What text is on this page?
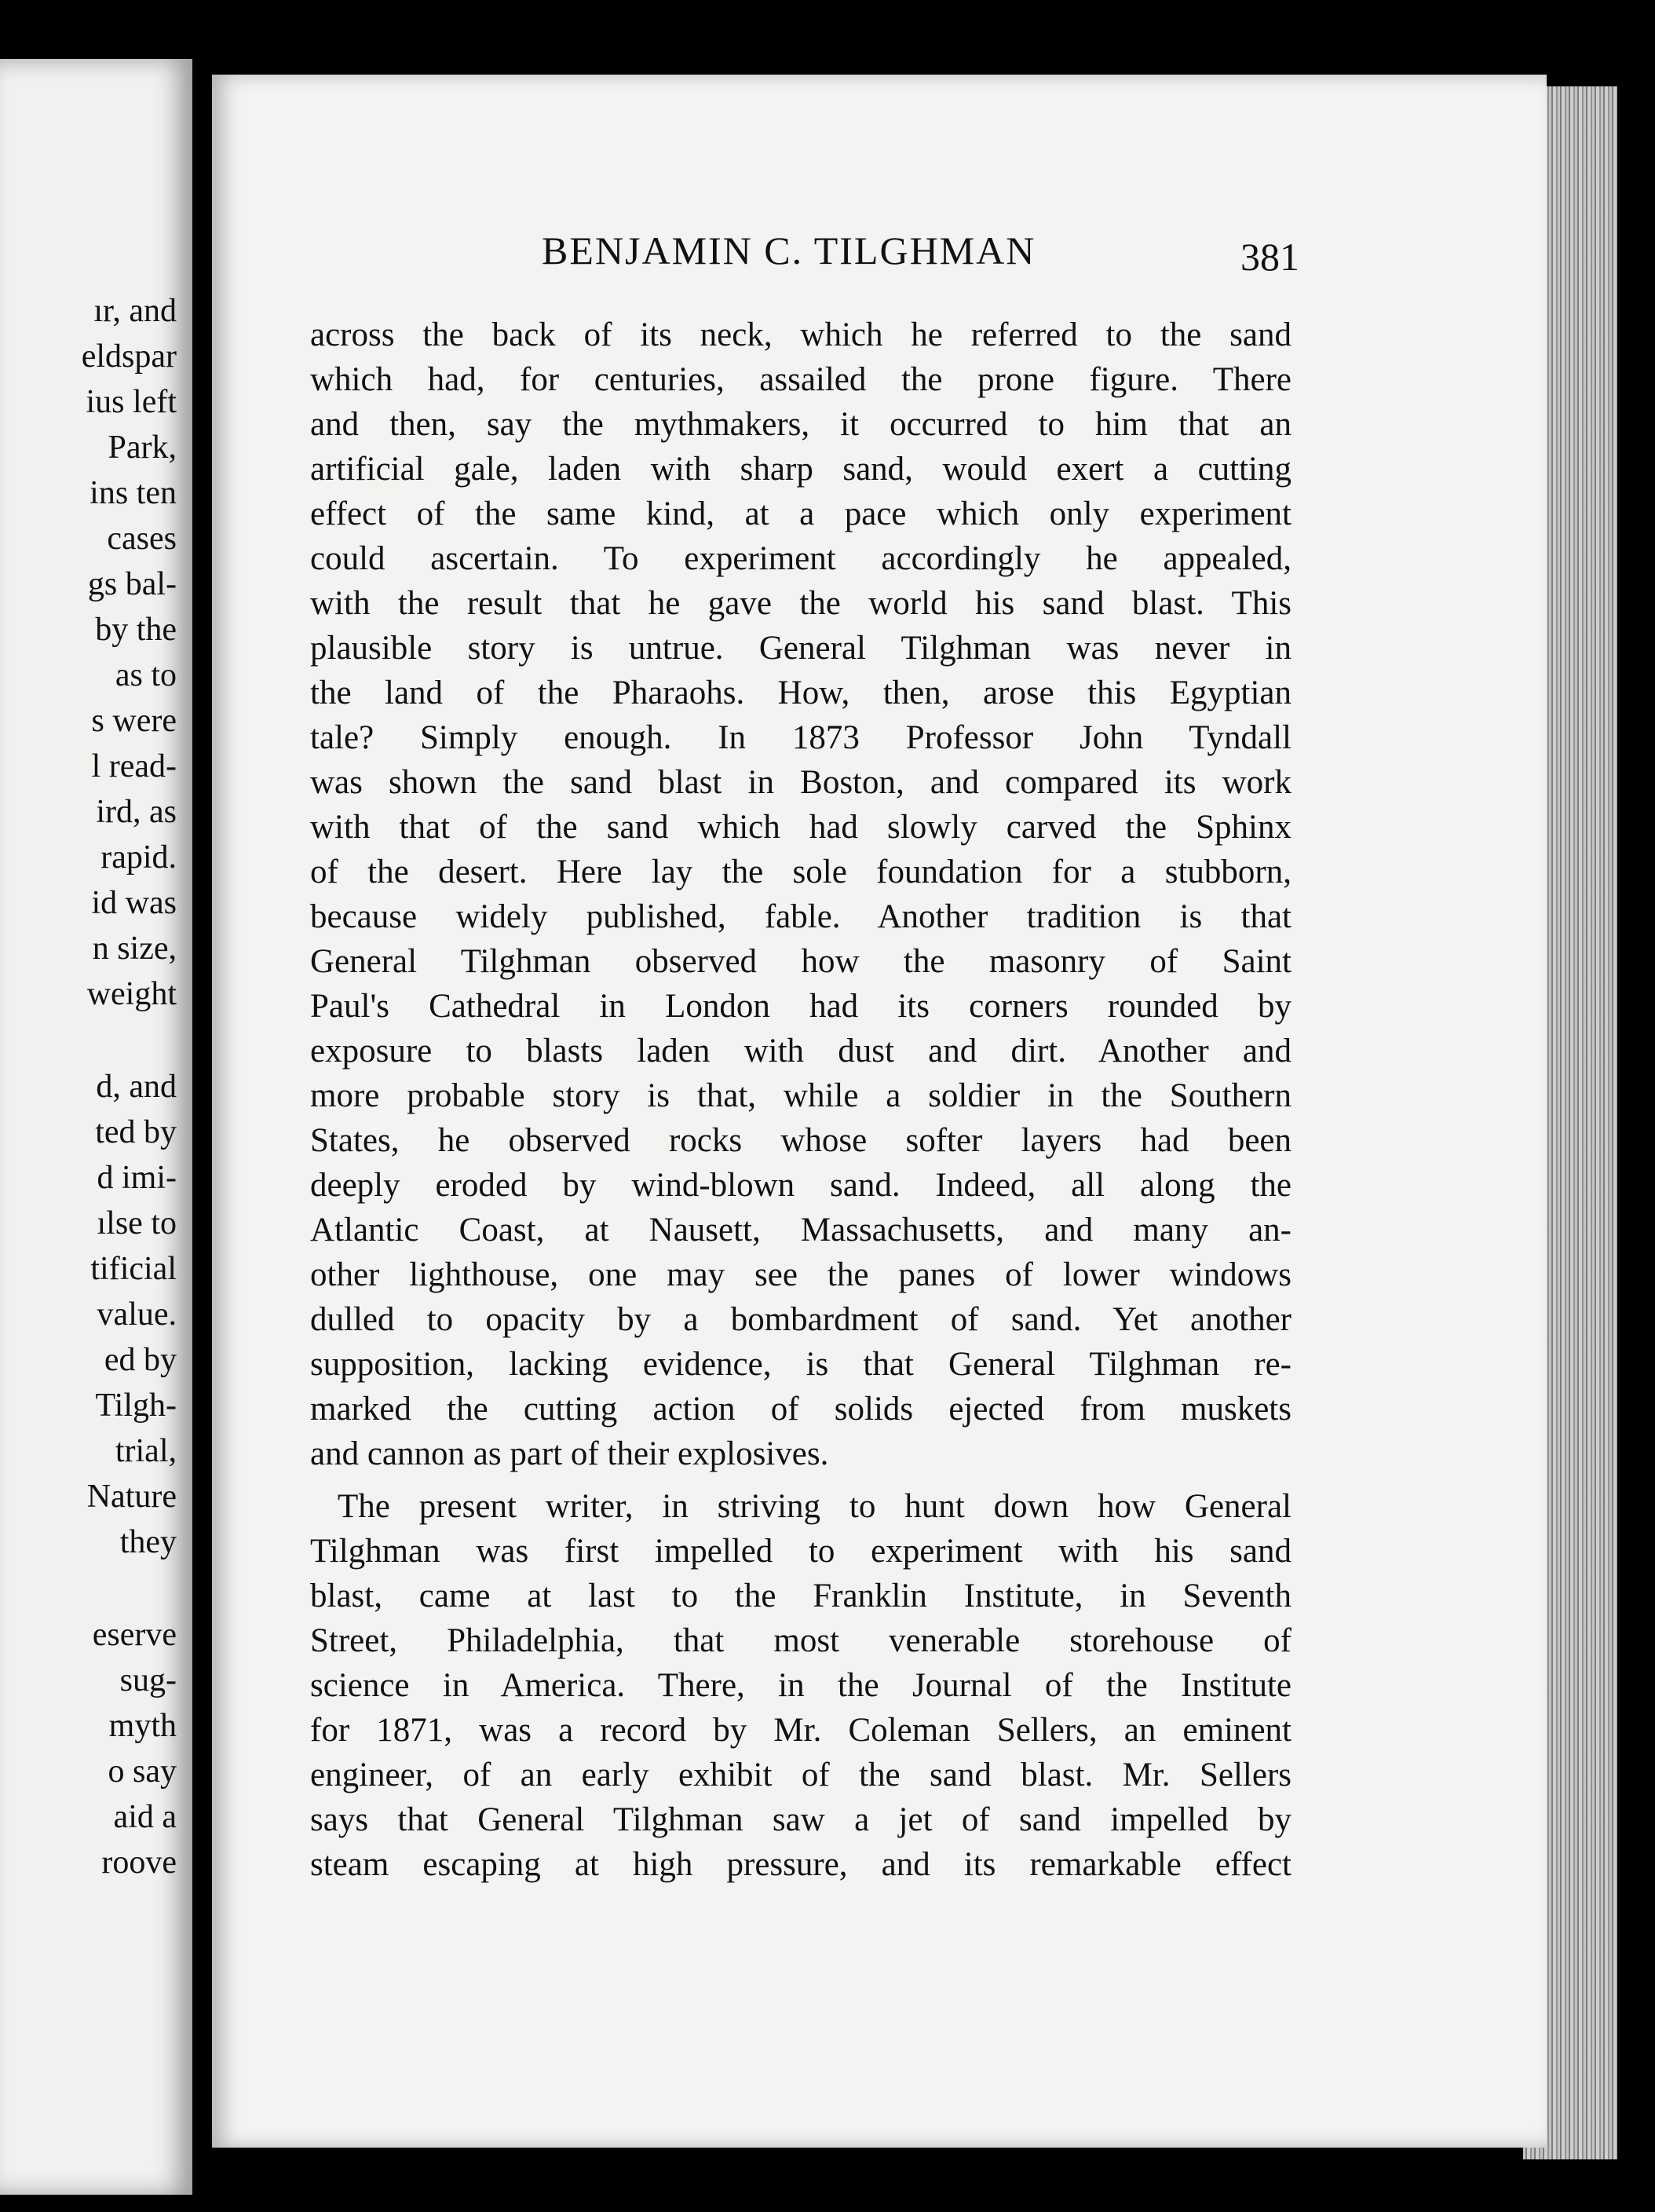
ır, and
eldspar
ius left
Park,
ins ten
cases
gs bal-
by the
as to
s were
l read-
ird, as
rapid.
id was
n size,
weight
d, and
ted by
d imi-
ılse to
tificial
value.
ed by
Tilgh-
trial,
Nature
they
eserve
sug-
myth
o say
aid a
roove
BENJAMIN C. TILGHMAN	381
across the back of its neck, which he referred to the sand
which had, for centuries, assailed the prone figure. There
and then, say the mythmakers, it occurred to him that an
artificial gale, laden with sharp sand, would exert a cutting
effect of the same kind, at a pace which only experiment
could ascertain. To experiment accordingly he appealed,
with the result that he gave the world his sand blast. This
plausible story is untrue. General Tilghman was never in
the land of the Pharaohs. How, then, arose this Egyptian
tale? Simply enough. In 1873 Professor John Tyndall
was shown the sand blast in Boston, and compared its work
with that of the sand which had slowly carved the Sphinx
of the desert. Here lay the sole foundation for a stubborn,
because widely published, fable. Another tradition is that
General Tilghman observed how the masonry of Saint
Paul's Cathedral in London had its corners rounded by
exposure to blasts laden with dust and dirt. Another and
more probable story is that, while a soldier in the Southern
States, he observed rocks whose softer layers had been
deeply eroded by wind-blown sand. Indeed, all along the
Atlantic Coast, at Nausett, Massachusetts, and many an-
other lighthouse, one may see the panes of lower windows
dulled to opacity by a bombardment of sand. Yet another
supposition, lacking evidence, is that General Tilghman re-
marked the cutting action of solids ejected from muskets
and cannon as part of their explosives.
The present writer, in striving to hunt down how General
Tilghman was first impelled to experiment with his sand
blast, came at last to the Franklin Institute, in Seventh
Street, Philadelphia, that most venerable storehouse of
science in America. There, in the Journal of the Institute
for 1871, was a record by Mr. Coleman Sellers, an eminent
engineer, of an early exhibit of the sand blast. Mr. Sellers
says that General Tilghman saw a jet of sand impelled by
steam escaping at high pressure, and its remarkable effect
